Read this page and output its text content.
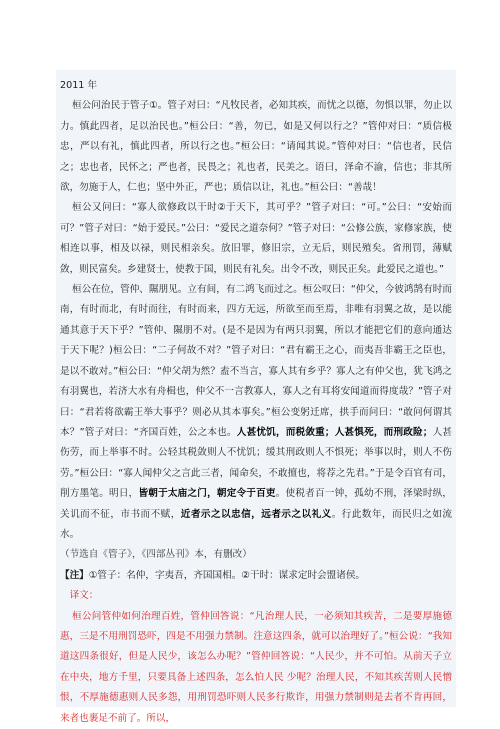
2011 年

桓公问治民于管子①。管子对曰：“凡牧民者，必知其疾，而忧之以德，勿惧以罪，勿止以力。慎此四者，足以治民也。”桓公曰：“善，勿已，如是又何以行之？”管仲对曰：“质信极忠，严以有礼，慎此四者，所以行之也。”桓公曰：“请闻其说。”管仲对曰：“信也者，民信之；忠也者，民怀之；严也者，民畏之；礼也者，民美之。语曰，泽命不渝，信也；非其所欲，勿施于人，仁也；坚中外正，严也；质信以让，礼也。”桓公曰：“善哉！

桓公又问曰：“寡人欲修政以干时②于天下，其可乎？”管子对曰：“可。”公曰：“安始而可？”管子对曰：“始于爱民。”公曰：“爱民之道奈何？”管子对曰：“公修公族，家修家族，使相连以事，相及以禄，则民相亲矣。放旧罪，修旧宗，立无后，则民殖矣。省刑罚，薄赋敛，则民富矣。乡建贤士，使教于国，则民有礼矣。出令不改，则民正矣。此爱民之道也。”

桓公在位，管仲、隰朋见。立有间，有二鸿飞而过之。桓公叹曰：“仲父，今彼鸿鹄有时而南，有时而北，有时而往，有时而来，四方无远，所欲至而至焉，非唯有羽翼之故，是以能通其意于天下乎？”管仲、隰朋不对。(是不是因为有两只羽翼，所以才能把它们的意向通达于天下呢？)桓公曰：“二子何故不对？”管子对曰：“君有霸王之心，而夷吾非霸王之臣也，是以不敢对。”桓公曰：“仲父胡为然？盍不当言，寡人其有乡乎？寡人之有仲父也，犹飞鸿之有羽翼也，若济大水有舟楫也，仲父不一言教寡人，寡人之有耳将安闻道而得度哉？”管子对曰：“君若将欲霸王举大事乎？则必从其本事矣。”桓公变躬迁席，拱手而问曰：“敢问何谓其本？”管子对曰：“齐国百姓，公之本也。人甚忧饥，而税敛重；人甚惧死，而刑政险；人甚伤劳，而上举事不时。公轻其税敛则人不忧饥；缓其刑政则人不惧死；举事以时，则人不伤劳。”桓公曰：“寡人闻仲父之言此三者，闻命矣，不敢擅也，将荐之先君。”于是令百官有司，削方墨笔。明日，皆朝于太庙之门，朝定令于百吏。使税者百一钟，孤幼不刑，泽梁时纵，关讥而不征，市书而不赋，近者示之以忠信，远者示之以礼义。行此数年，而民归之如流水。

（节选自《管子》，《四部丛刊》本，有删改）

【注】①管子：名仲，字夷吾，齐国国相。②干时：谋求定时会盟诸侯。

译文：

桓公问管仲如何治理百姓，管仲回答说：“凡治理人民，一必须知其疾苦，二是要厚施德惠，三是不用刑罚恐吓，四是不用强力禁制。注意这四条，就可以治理好了。”桓公说：“我知道这四条很好，但是人民少，该怎么办呢？”管仲回答说：“人民少，并不可怕。从前天子立在中央，地方千里，只要具备上述四条，怎么怕人民 少呢？治理人民，不知其疾苦则人民憎恨，不厚施德惠则人民多怨，用刑罚恐吓则人民多行欺诈，用强力禁制则是去者不肯再回，来者也裹足不前了。所以，
